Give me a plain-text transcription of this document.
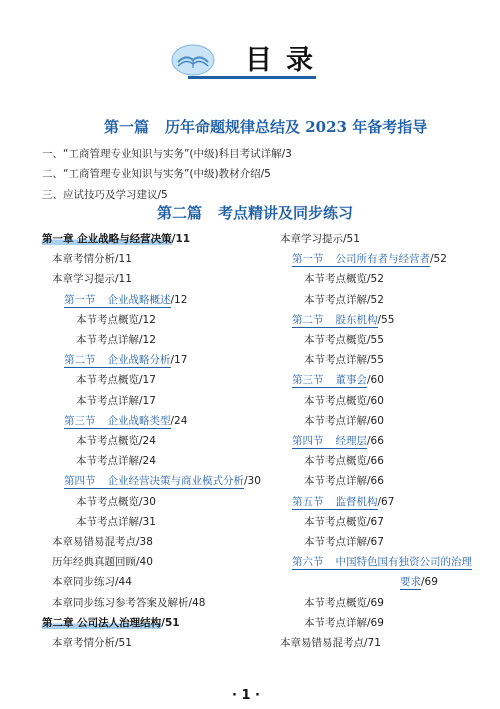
目录
第一篇 历年命题规律总结及 2023 年备考指导
一、“工商管理专业知识与实务”(中级)科目考试详解/3
二、“工商管理专业知识与实务”(中级)教材介绍/5
三、应试技巧及学习建议/5
第二篇 考点精讲及同步练习
第一章 企业战略与经营决策/11
本章考情分析/11
本章学习提示/11
第一节 企业战略概述/12
本节考点概览/12
本节考点详解/12
第二节 企业战略分析/17
本节考点概览/17
本节考点详解/17
第三节 企业战略类型/24
本节考点概览/24
本节考点详解/24
第四节 企业经营决策与商业模式分析/30
本节考点概览/30
本节考点详解/31
本章易错易混考点/38
历年经典真题回顾/40
本章同步练习/44
本章同步练习参考答案及解析/48
第二章 公司法人治理结构/51
本章考情分析/51
本章学习提示/51
第一节 公司所有者与经营者/52
本节考点概览/52
本节考点详解/52
第二节 股东机构/55
本节考点概览/55
本节考点详解/55
第三节 董事会/60
本节考点概览/60
本节考点详解/60
第四节 经理层/66
本节考点概览/66
本节考点详解/66
第五节 监督机构/67
本节考点概览/67
本节考点详解/67
第六节 中国特色国有独资公司的治理
要求/69
本节考点概览/69
本节考点详解/69
本章易错易混考点/71
· 1 ·
